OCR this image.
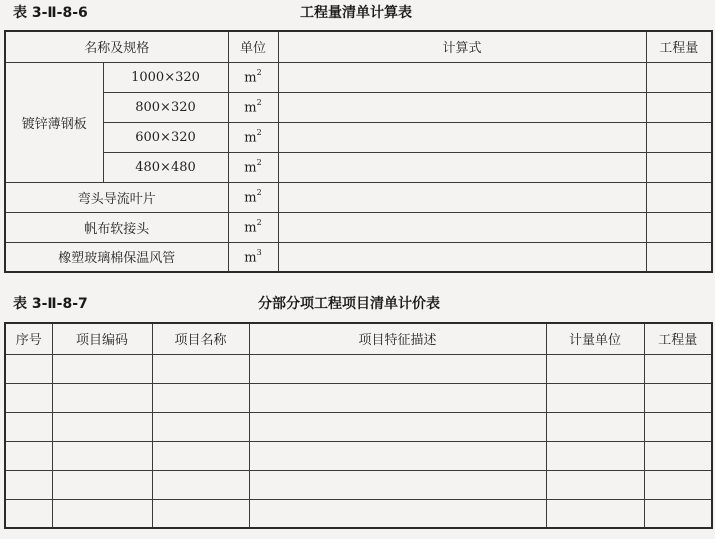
表 3-Ⅱ-8-6	工程量清单计算表
名称及规格		单位	计算式	工程量
镀锌薄钢板	1000×320	$m^2$		
	800×320	$m^2$		
	600×320	$m^2$		
	480×480	$m^2$		
弯头导流叶片		$m^2$		
帆布软接头		$m^2$		
橡塑玻璃棉保温风管		$m^3$		
表 3-Ⅱ-8-7	分部分项工程项目清单计价表
序号	项目编码	项目名称	项目特征描述	计量单位	工程量
